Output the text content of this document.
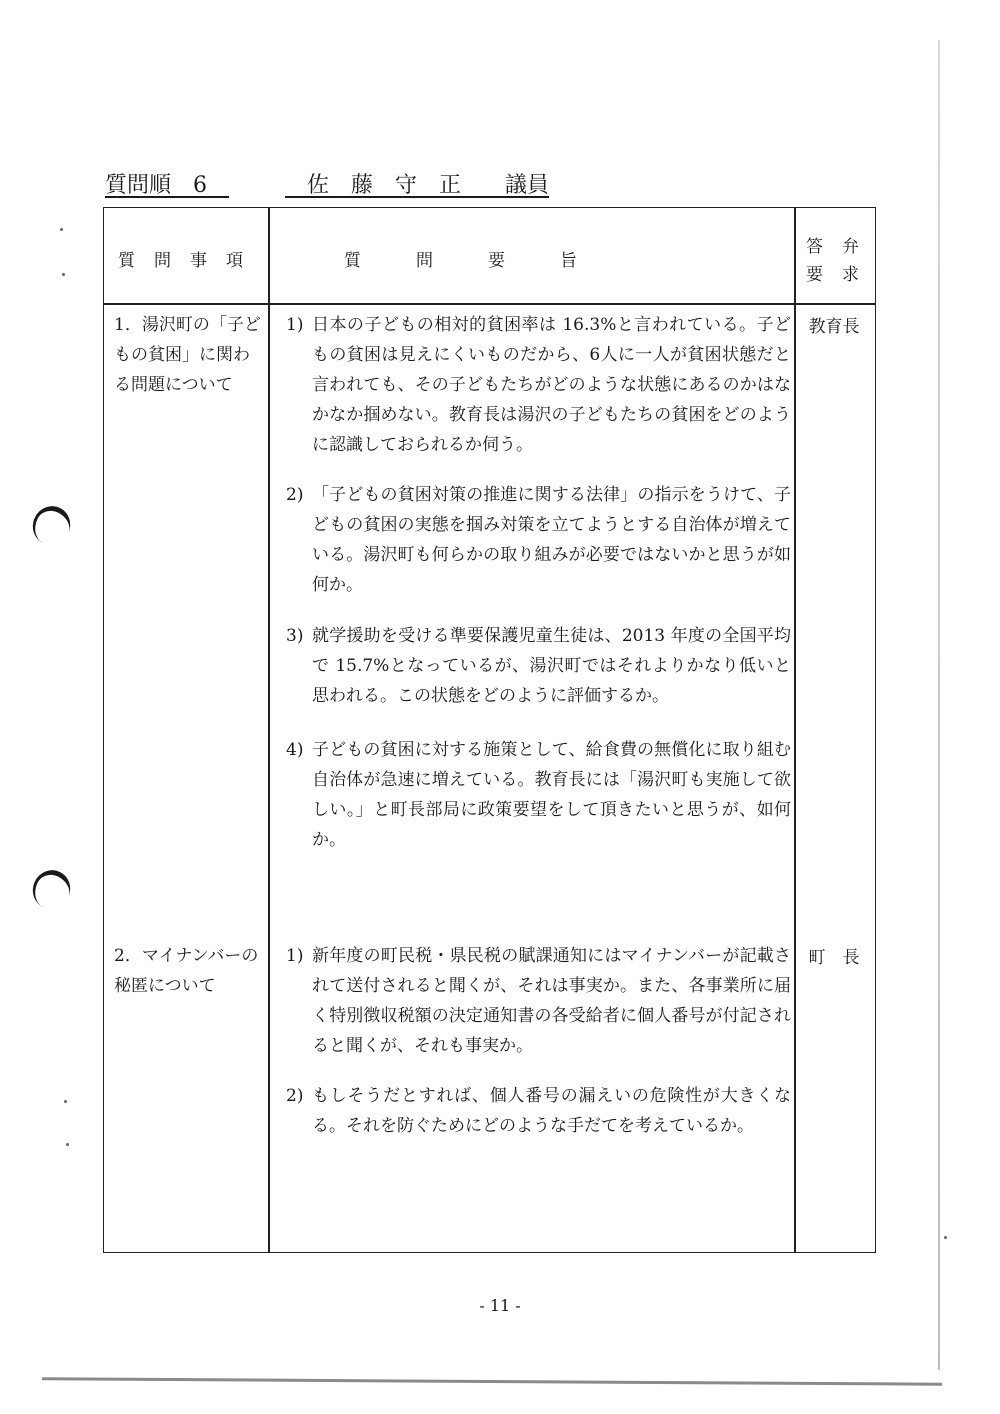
質問順　6　	　佐　藤　守　正　　議員
質　問　事　項	質　　　問　　　要　　　旨
答　弁
要　求
1．湯沢町の「子どもの貧困」に関わる問題について
教育長
1) 日本の子どもの相対的貧困率は 16.3%と言われている。子どもの貧困は見えにくいものだから、6人に一人が貧困状態だと言われても、その子どもたちがどのような状態にあるのかはなかなか掴めない。教育長は湯沢の子どもたちの貧困をどのように認識しておられるか伺う。
2) 「子どもの貧困対策の推進に関する法律」の指示をうけて、子どもの貧困の実態を掴み対策を立てようとする自治体が増えている。湯沢町も何らかの取り組みが必要ではないかと思うが如何か。
3) 就学援助を受ける準要保護児童生徒は、2013 年度の全国平均で 15.7%となっているが、湯沢町ではそれよりかなり低いと思われる。この状態をどのように評価するか。
4) 子どもの貧困に対する施策として、給食費の無償化に取り組む自治体が急速に増えている。教育長には「湯沢町も実施して欲しい。」と町長部局に政策要望をして頂きたいと思うが、如何か。
2．マイナンバーの秘匿について
町　長
1) 新年度の町民税・県民税の賦課通知にはマイナンバーが記載されて送付されると聞くが、それは事実か。また、各事業所に届く特別徴収税額の決定通知書の各受給者に個人番号が付記されると聞くが、それも事実か。
2) もしそうだとすれば、個人番号の漏えいの危険性が大きくなる。それを防ぐためにどのような手だてを考えているか。
- 11 -
